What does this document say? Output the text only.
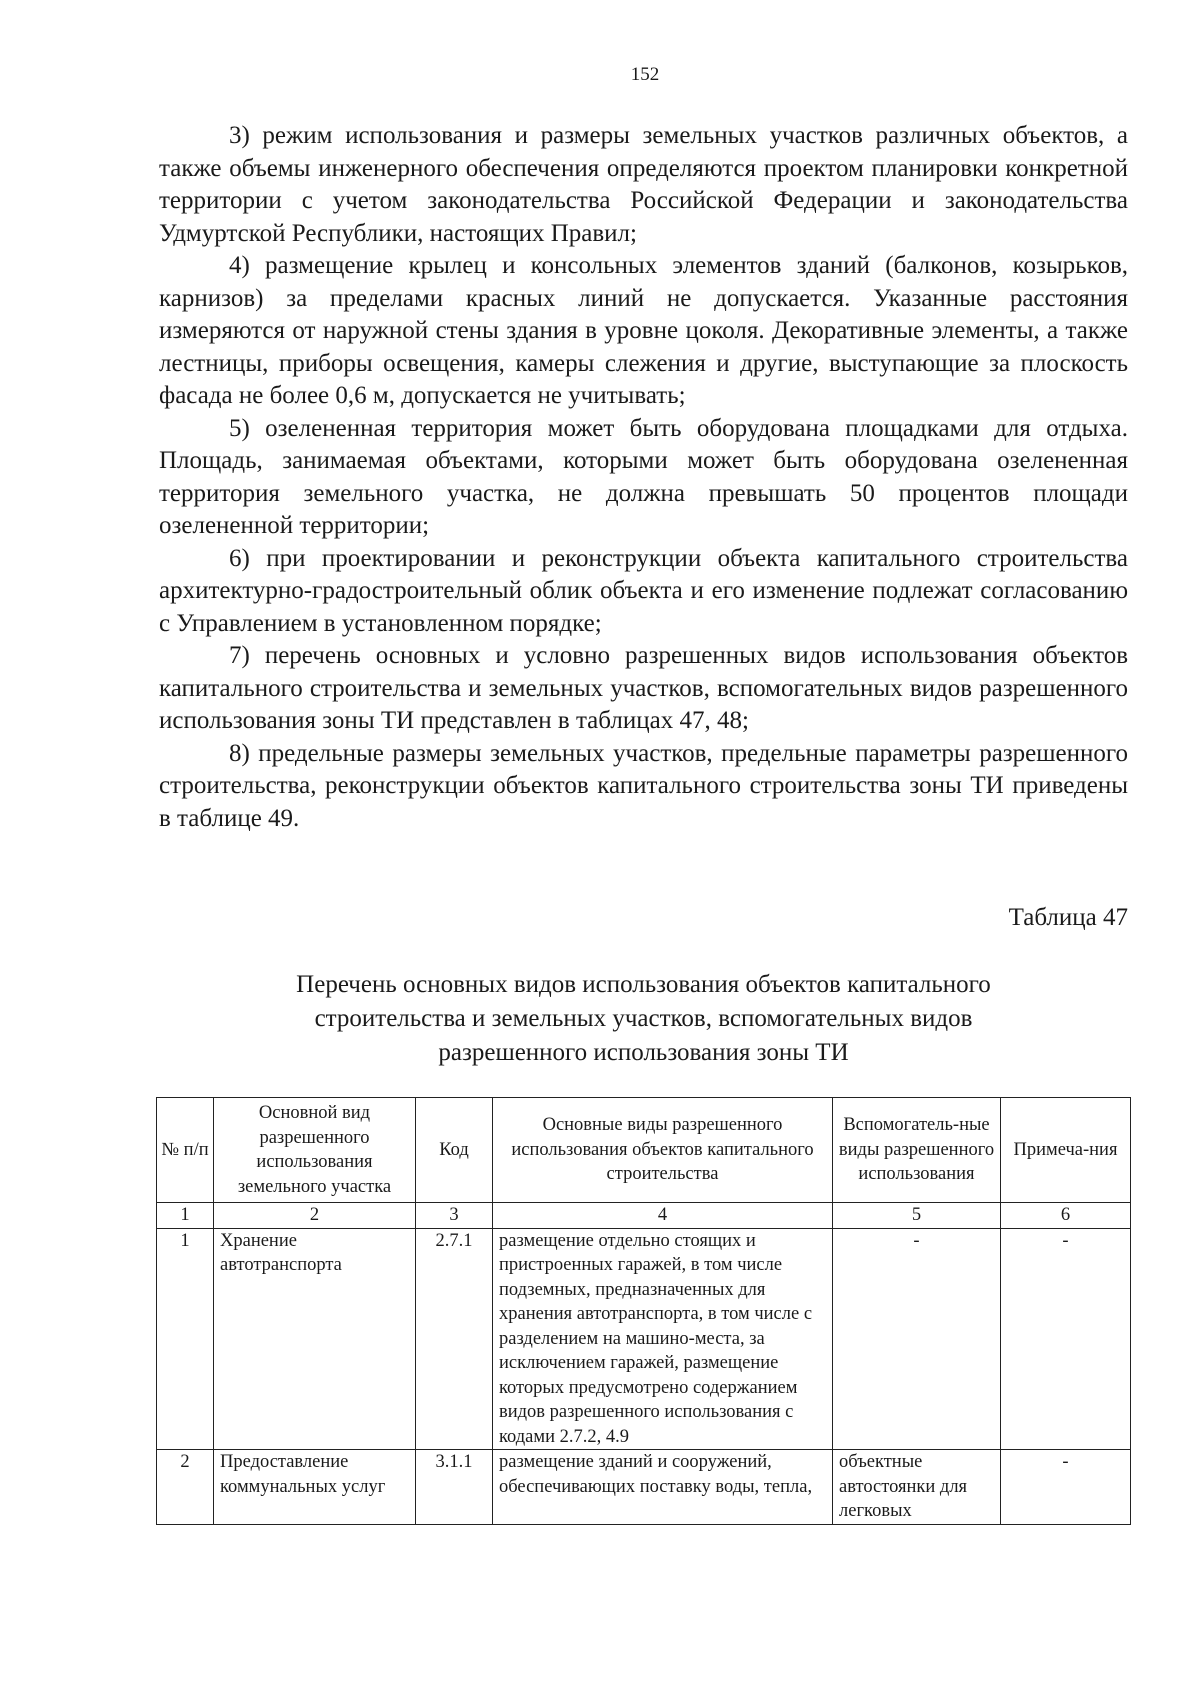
152

3) режим использования и размеры земельных участков различных объектов, а также объемы инженерного обеспечения определяются проектом планировки конкретной территории с учетом законодательства Российской Федерации и законодательства Удмуртской Республики, настоящих Правил;

4) размещение крылец и консольных элементов зданий (балконов, козырьков, карнизов) за пределами красных линий не допускается. Указанные расстояния измеряются от наружной стены здания в уровне цоколя. Декоративные элементы, а также лестницы, приборы освещения, камеры слежения и другие, выступающие за плоскость фасада не более 0,6 м, допускается не учитывать;

5) озелененная территория может быть оборудована площадками для отдыха. Площадь, занимаемая объектами, которыми может быть оборудована озелененная территория земельного участка, не должна превышать 50 процентов площади озелененной территории;

6) при проектировании и реконструкции объекта капитального строительства архитектурно-градостроительный облик объекта и его изменение подлежат согласованию с Управлением в установленном порядке;

7) перечень основных и условно разрешенных видов использования объектов капитального строительства и земельных участков, вспомогательных видов разрешенного использования зоны ТИ представлен в таблицах 47, 48;

8) предельные размеры земельных участков, предельные параметры разрешенного строительства, реконструкции объектов капитального строительства зоны ТИ приведены в таблице 49.

Таблица 47
Перечень основных видов использования объектов капитального
строительства и земельных участков, вспомогательных видов
разрешенного использования зоны ТИ
№ п/п	Основной вид разрешенного использования земельного участка	Код	Основные виды разрешенного использования объектов капитального строительства	Вспомогатель-ные виды разрешенного использования	Примеча-ния
1	2	3	4	5	6
1	Хранение автотранспорта	2.7.1	размещение отдельно стоящих и пристроенных гаражей, в том числе подземных, предназначенных для хранения автотранспорта, в том числе с разделением на машино-места, за исключением гаражей, размещение которых предусмотрено содержанием видов разрешенного использования с кодами 2.7.2, 4.9	-	-
2	Предоставление коммунальных услуг	3.1.1	размещение зданий и сооружений, обеспечивающих поставку воды, тепла,	объектные автостоянки для легковых	-
